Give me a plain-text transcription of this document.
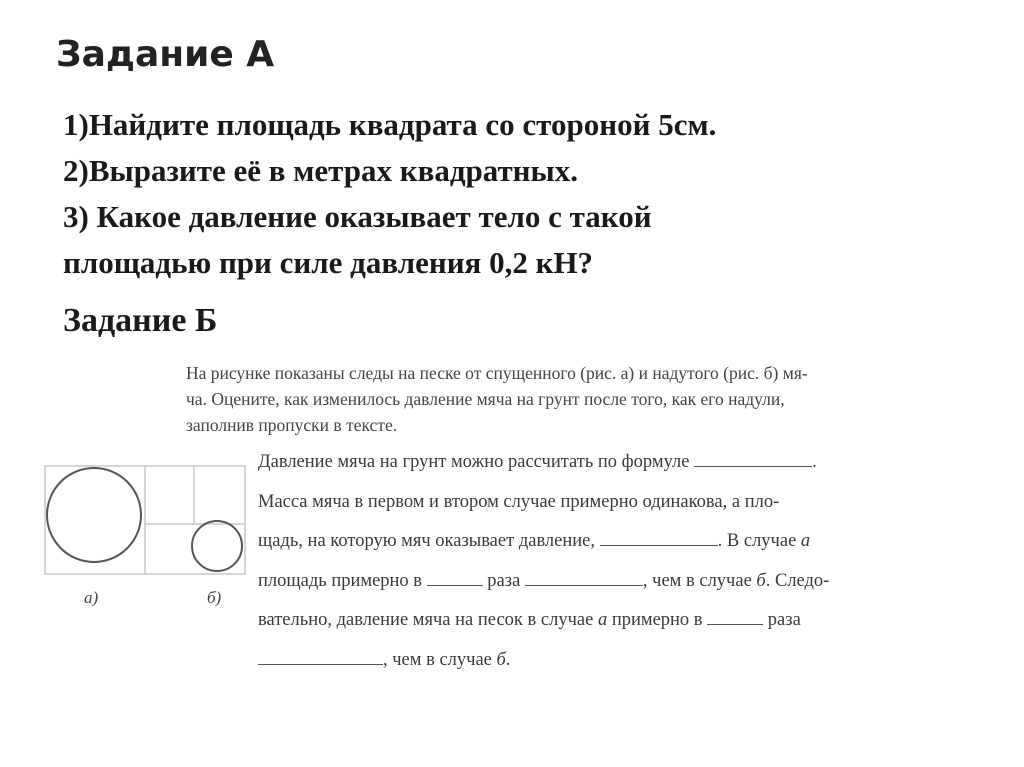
Задание А
1)Найдите площадь квадрата со стороной 5см.
2)Выразите её в метрах квадратных.
3) Какое давление оказывает тело с такой
площадью при силе давления 0,2 кН?
Задание Б
На рисунке показаны следы на песке от спущенного (рис. а) и надутого (рис. б) мя-
ча. Оцените, как изменилось давление мяча на грунт после того, как его надули,
заполнив пропуски в тексте.
а)	б)
Давление мяча на грунт можно рассчитать по формуле	.
Масса мяча в первом и втором случае примерно одинакова, а пло-
щадь, на которую мяч оказывает давление,	. В случае а
площадь примерно в	раза	, чем в случае б. Следо-
вательно, давление мяча на песок в случае а примерно в	раза
, чем в случае б.
